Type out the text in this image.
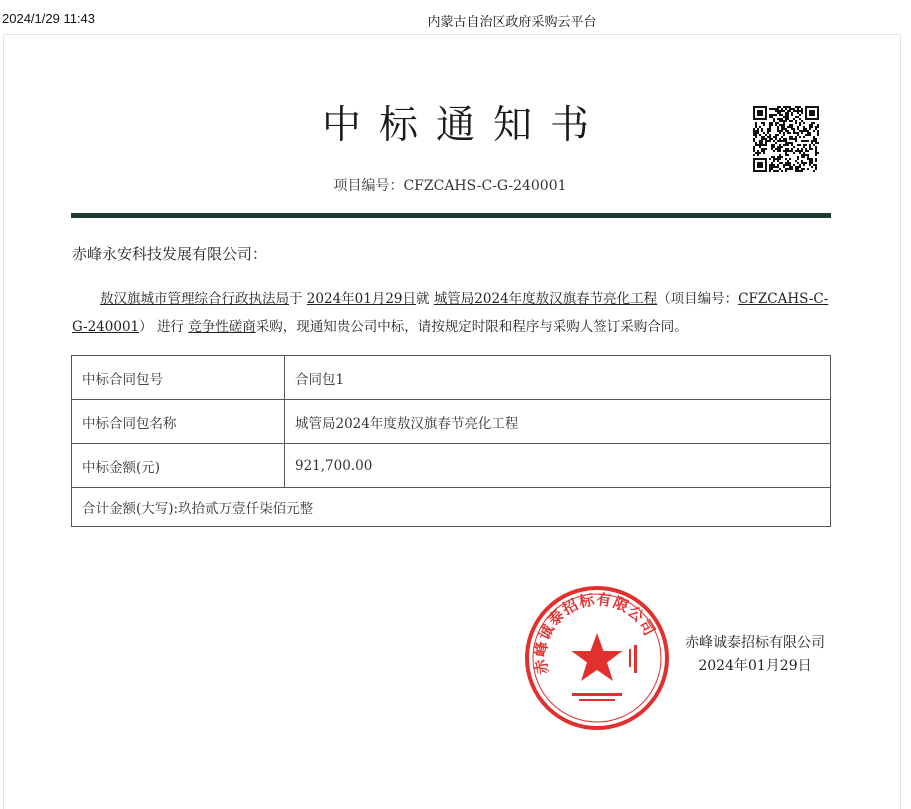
2024/1/29 11:43	内蒙古自治区政府采购云平台
中标通知书
项目编号：CFZCAHS-C-G-240001
赤峰永安科技发展有限公司：
敖汉旗城市管理综合行政执法局于 2024年01月29日就 城管局2024年度敖汉旗春节亮化工程（项目编号：CFZCAHS-C-G-240001） 进行 竞争性磋商采购，现通知贵公司中标，请按规定时限和程序与采购人签订采购合同。
中标合同包号	合同包1
中标合同包名称	城管局2024年度敖汉旗春节亮化工程
中标金额(元)	921,700.00
合计金额(大写):玖拾贰万壹仟柒佰元整	
赤峰诚泰招标有限公司
赤峰诚泰招标有限公司
2024年01月29日
